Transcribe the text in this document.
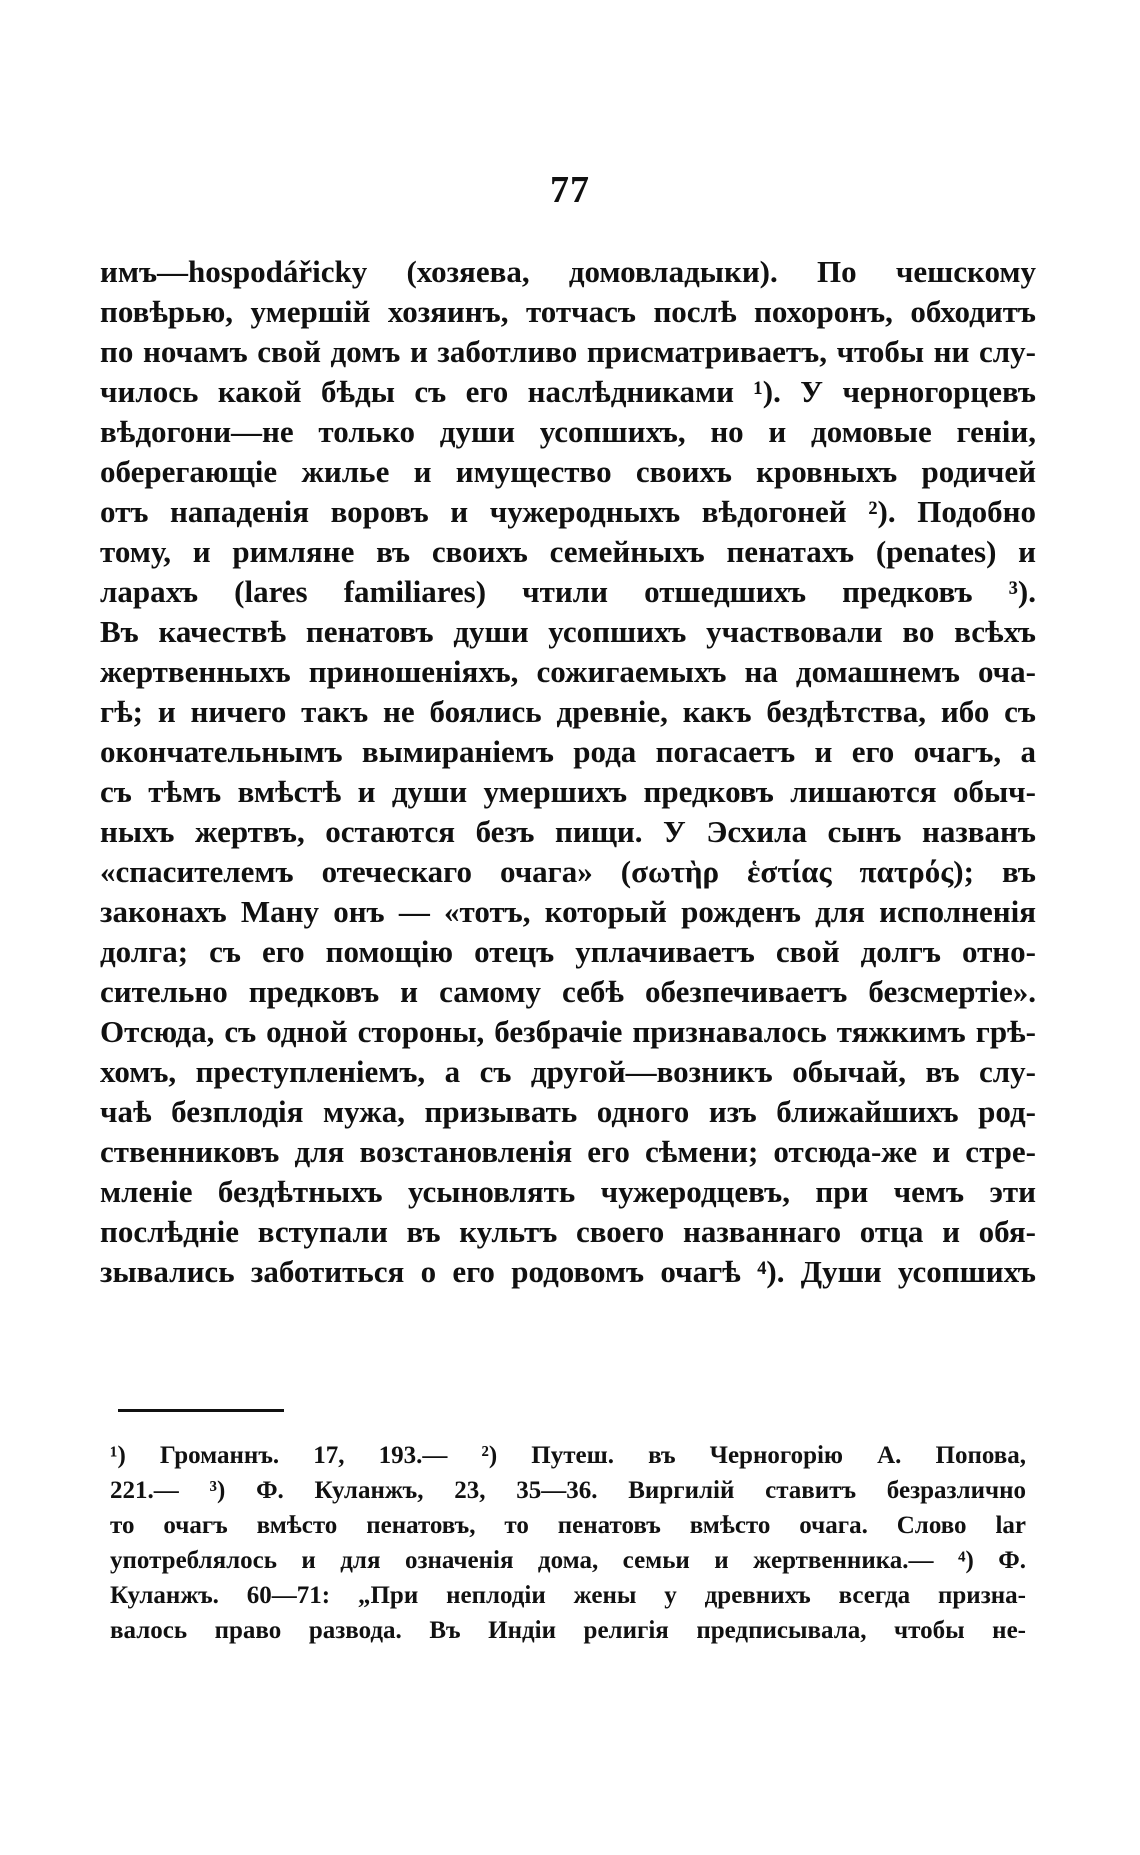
77
имъ—hospodářicky (хозяева, домовладыки). По чешскому
повѣрью, умершій хозяинъ, тотчасъ послѣ похоронъ, обходитъ
по ночамъ свой домъ и заботливо присматриваетъ, чтобы ни слу-
чилось какой бѣды съ его наслѣдниками ¹). У черногорцевъ
вѣдогони—не только души усопшихъ, но и домовые геніи,
оберегающіе жилье и имущество своихъ кровныхъ родичей
отъ нападенія воровъ и чужеродныхъ вѣдогоней ²). Подобно
тому, и римляне въ своихъ семейныхъ пенатахъ (penates) и
ларахъ (lares familiares) чтили отшедшихъ предковъ ³).
Въ качествѣ пенатовъ души усопшихъ участвовали во всѣхъ
жертвенныхъ приношеніяхъ, сожигаемыхъ на домашнемъ оча-
гѣ; и ничего такъ не боялись древніе, какъ бездѣтства, ибо съ
окончательнымъ вымираніемъ рода погасаетъ и его очагъ, а
съ тѣмъ вмѣстѣ и души умершихъ предковъ лишаются обыч-
ныхъ жертвъ, остаются безъ пищи. У Эсхила сынъ названъ
«спасителемъ отеческаго очага» (σωτὴρ ἑστίας πατρός); въ
законахъ Ману онъ — «тотъ, который рожденъ для исполненія
долга; съ его помощію отецъ уплачиваетъ свой долгъ отно-
сительно предковъ и самому себѣ обезпечиваетъ безсмертіе».
Отсюда, съ одной стороны, безбрачіе признавалось тяжкимъ грѣ-
хомъ, преступленіемъ, а съ другой—возникъ обычай, въ слу-
чаѣ безплодія мужа, призывать одного изъ ближайшихъ род-
ственниковъ для возстановленія его сѣмени; отсюда-же и стре-
мленіе бездѣтныхъ усыновлять чужеродцевъ, при чемъ эти
послѣдніе вступали въ культъ своего названнаго отца и обя-
зывались заботиться о его родовомъ очагѣ ⁴). Души усопшихъ
¹) Громаннъ. 17, 193.— ²) Путеш. въ Черногорію А. Попова,
221.— ³) Ф. Куланжъ, 23, 35—36. Виргилій ставитъ безразлично
то очагъ вмѣсто пенатовъ, то пенатовъ вмѣсто очага. Слово lar
употреблялось и для означенія дома, семьи и жертвенника.— ⁴) Ф.
Куланжъ. 60—71: „При неплодіи жены у древнихъ всегда призна-
валось право развода. Въ Индіи религія предписывала, чтобы не-
